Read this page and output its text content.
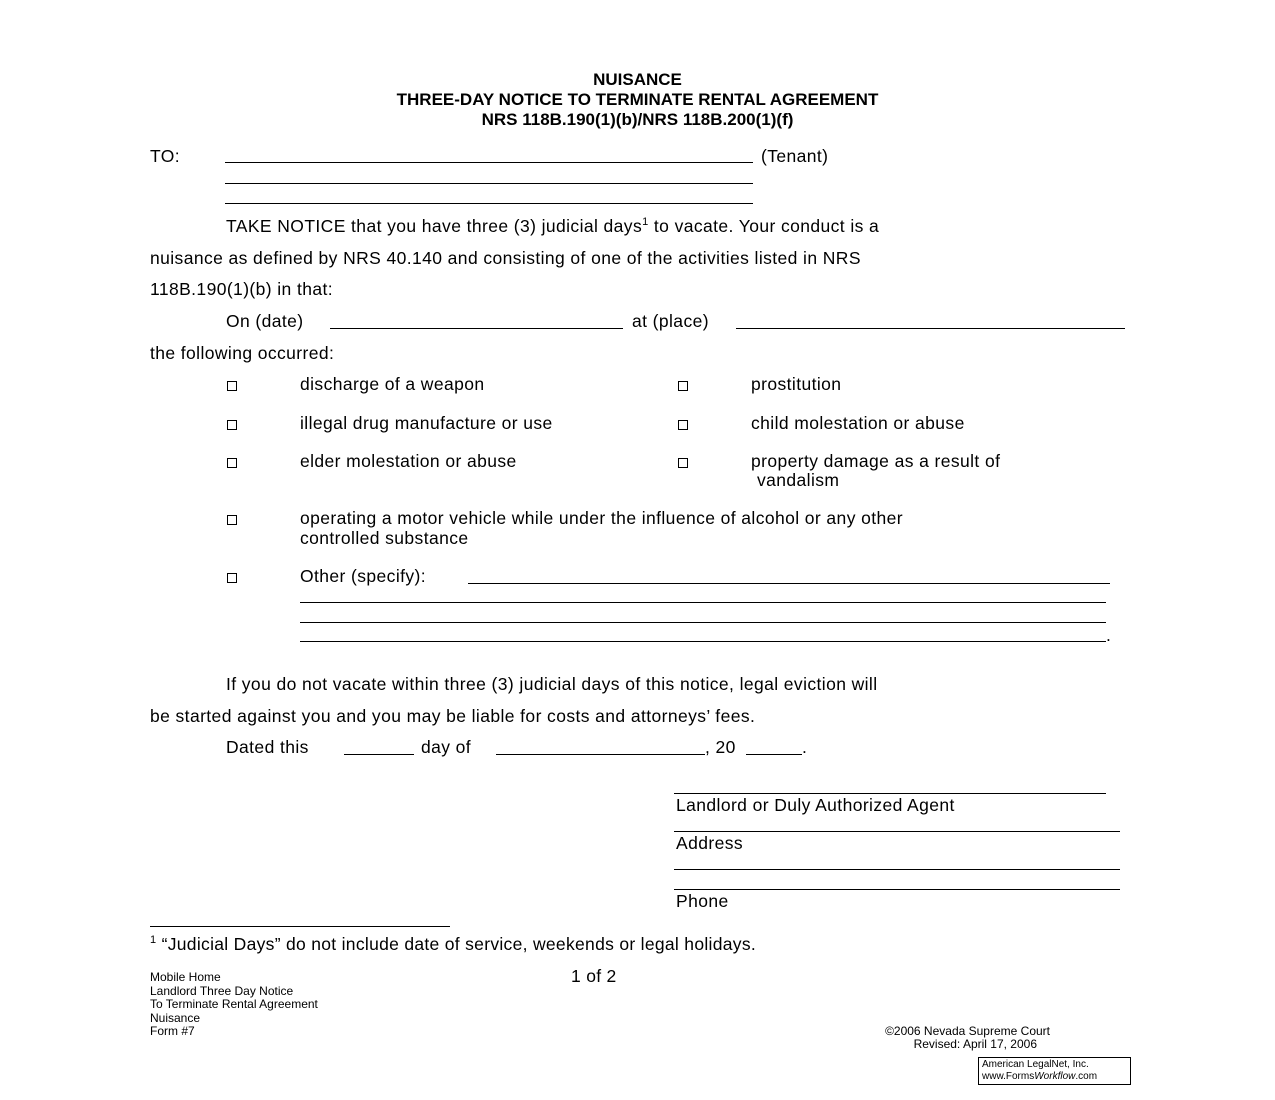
NUISANCE
THREE-DAY NOTICE TO TERMINATE RENTAL AGREEMENT
NRS 118B.190(1)(b)/NRS 118B.200(1)(f)
TO:	(Tenant)
TAKE NOTICE that you have three (3) judicial days$^1$ to vacate. Your conduct is a
nuisance as defined by NRS 40.140 and consisting of one of the activities listed in NRS
118B.190(1)(b) in that:
On (date)	at (place)
the following occurred:
discharge of a weapon	prostitution
illegal drug manufacture or use	child molestation or abuse
elder molestation or abuse	property damage as a result of
vandalism
operating a motor vehicle while under the influence of alcohol or any other
controlled substance
Other (specify):
.
If you do not vacate within three (3) judicial days of this notice, legal eviction will
be started against you and you may be liable for costs and attorneys’ fees.
Dated this	day of	, 20	.
Landlord or Duly Authorized Agent
Address
Phone
$^1$ “Judicial Days” do not include date of service, weekends or legal holidays.
Mobile Home
Landlord Three Day Notice
To Terminate Rental Agreement
Nuisance
Form #7
1 of 2
©2006 Nevada Supreme Court
Revised: April 17, 2006
American LegalNet, Inc.
www.FormsWorkflow.com
